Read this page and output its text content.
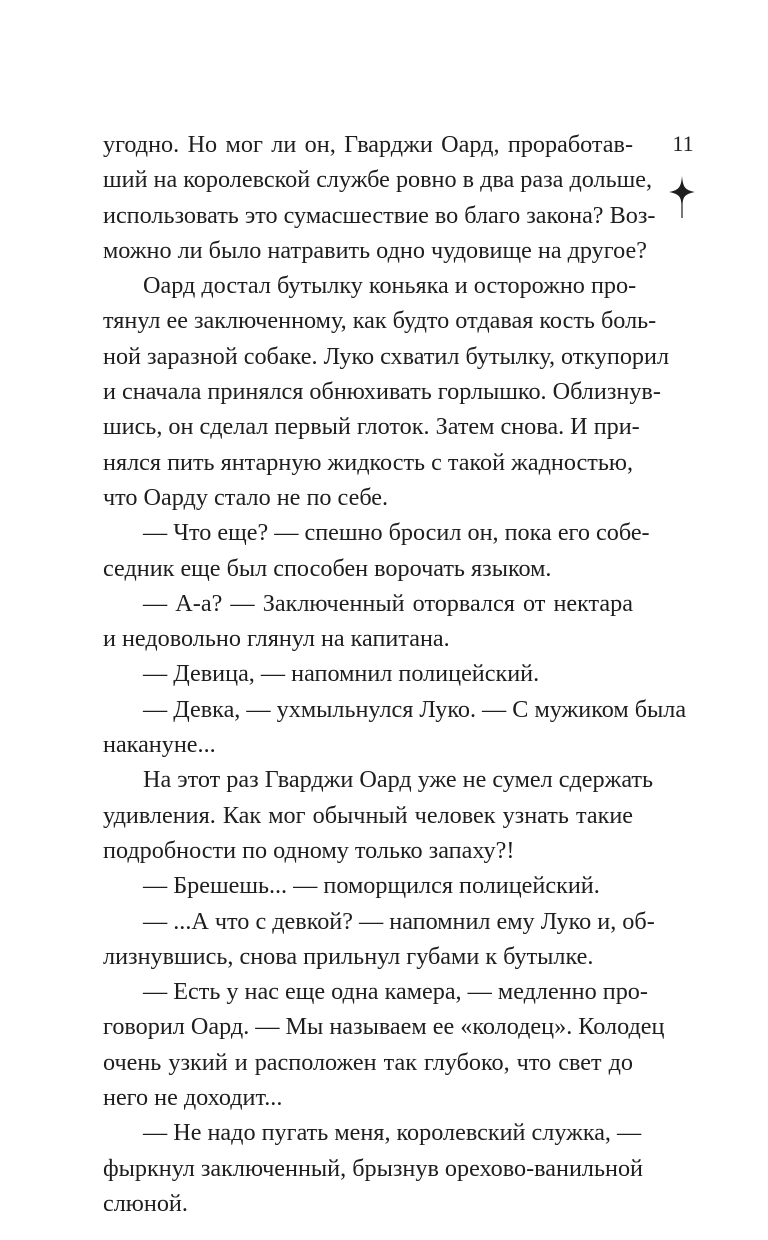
11

угодно. Но мог ли он, Гварджи Оард, проработав-
ший на королевской службе ровно в два раза дольше,
использовать это сумасшествие во благо закона? Воз-
можно ли было натравить одно чудовище на другое?

Оард достал бутылку коньяка и осторожно про-
тянул ее заключенному, как будто отдавая кость боль-
ной заразной собаке. Луко схватил бутылку, откупорил
и сначала принялся обнюхивать горлышко. Облизнув-
шись, он сделал первый глоток. Затем снова. И при-
нялся пить янтарную жидкость с такой жадностью,
что Оарду стало не по себе.

— Что еще? — спешно бросил он, пока его собе-
седник еще был способен ворочать языком.

— А-а? — Заключенный оторвался от нектара
и недовольно глянул на капитана.

— Девица, — напомнил полицейский.

— Девка, — ухмыльнулся Луко. — С мужиком была
накануне...

На этот раз Гварджи Оард уже не сумел сдержать
удивления. Как мог обычный человек узнать такие
подробности по одному только запаху?!

— Брешешь... — поморщился полицейский.

— ...А что с девкой? — напомнил ему Луко и, об-
лизнувшись, снова прильнул губами к бутылке.

— Есть у нас еще одна камера, — медленно про-
говорил Оард. — Мы называем ее «колодец». Колодец
очень узкий и расположен так глубоко, что свет до
него не доходит...

— Не надо пугать меня, королевский служка, —
фыркнул заключенный, брызнув орехово-ванильной
слюной.
